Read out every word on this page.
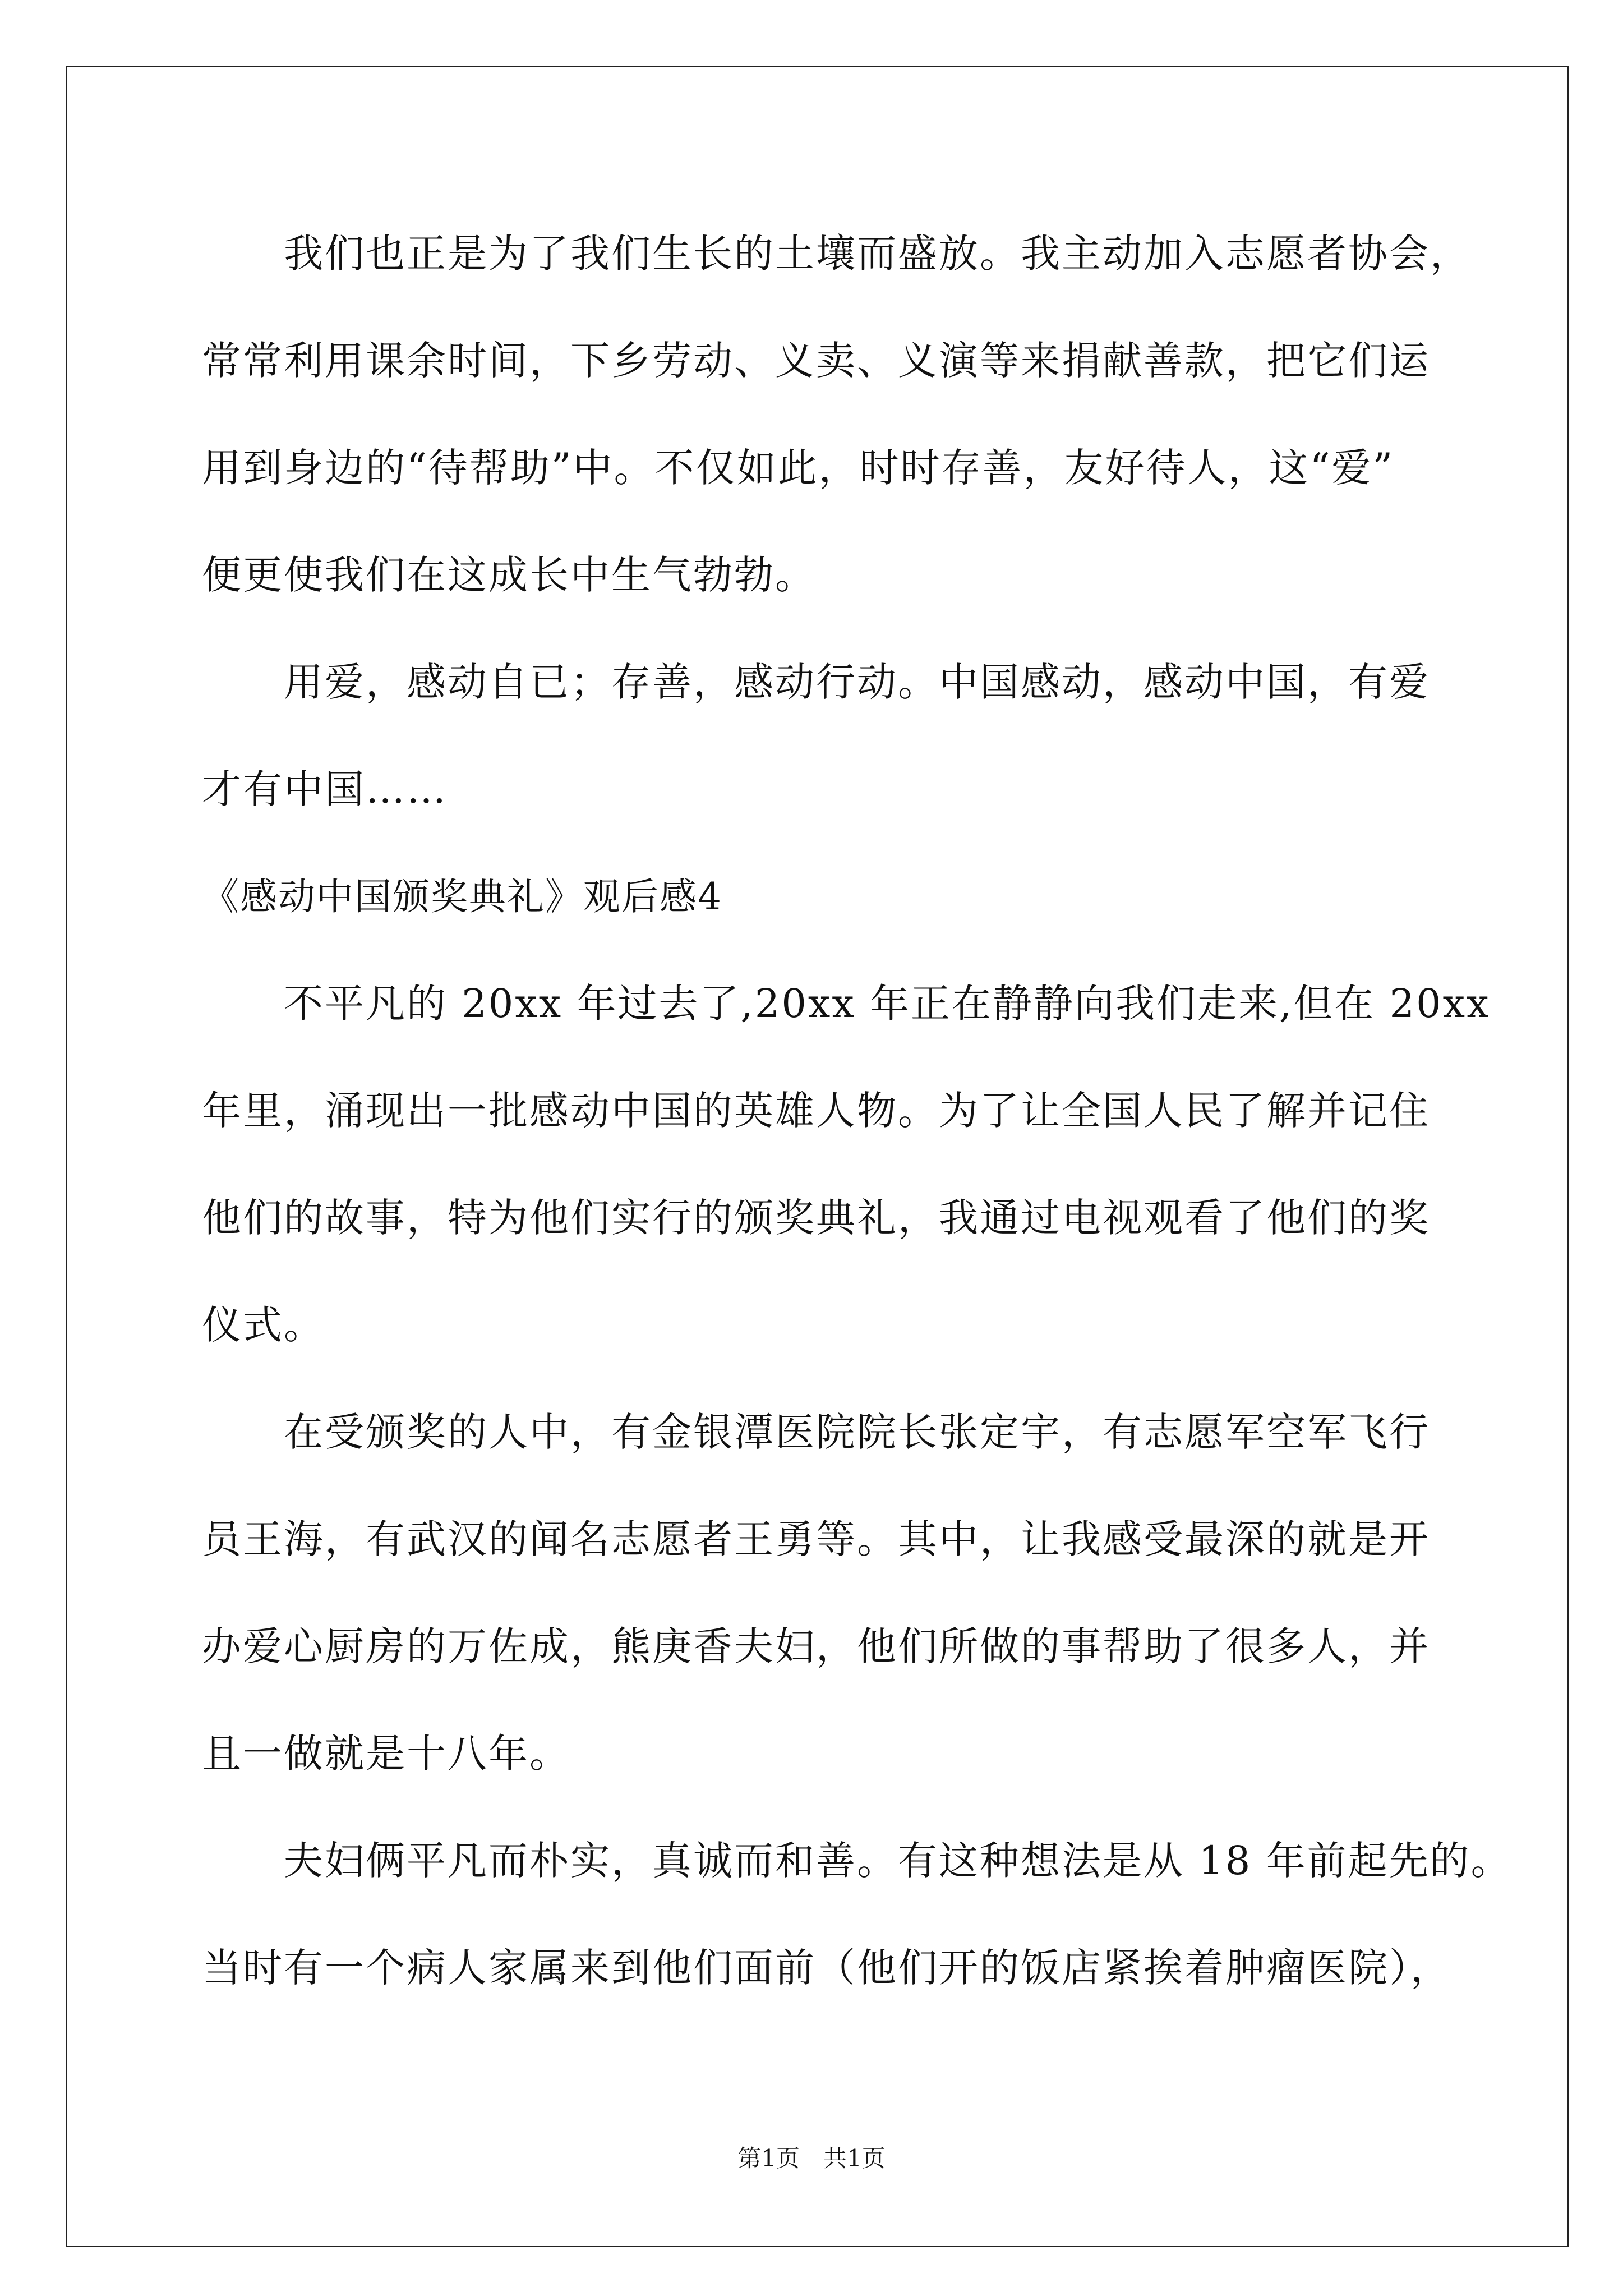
我们也正是为了我们生长的土壤而盛放。我主动加入志愿者协会，
常常利用课余时间，下乡劳动、义卖、义演等来捐献善款，把它们运
用到身边的“待帮助”中。不仅如此，时时存善，友好待人，这“爱”
便更使我们在这成长中生气勃勃。
用爱，感动自已；存善，感动行动。中国感动，感动中国，有爱
才有中国……
《感动中国颁奖典礼》观后感4
不平凡的 20xx 年过去了,20xx 年正在静静向我们走来,但在 20xx
年里，涌现出一批感动中国的英雄人物。为了让全国人民了解并记住
他们的故事，特为他们实行的颁奖典礼，我通过电视观看了他们的奖
仪式。
在受颁奖的人中，有金银潭医院院长张定宇，有志愿军空军飞行
员王海，有武汉的闻名志愿者王勇等。其中，让我感受最深的就是开
办爱心厨房的万佐成，熊庚香夫妇，他们所做的事帮助了很多人，并
且一做就是十八年。
夫妇俩平凡而朴实，真诚而和善。有这种想法是从 18 年前起先的。
当时有一个病人家属来到他们面前（他们开的饭店紧挨着肿瘤医院），
第1页　共1页
